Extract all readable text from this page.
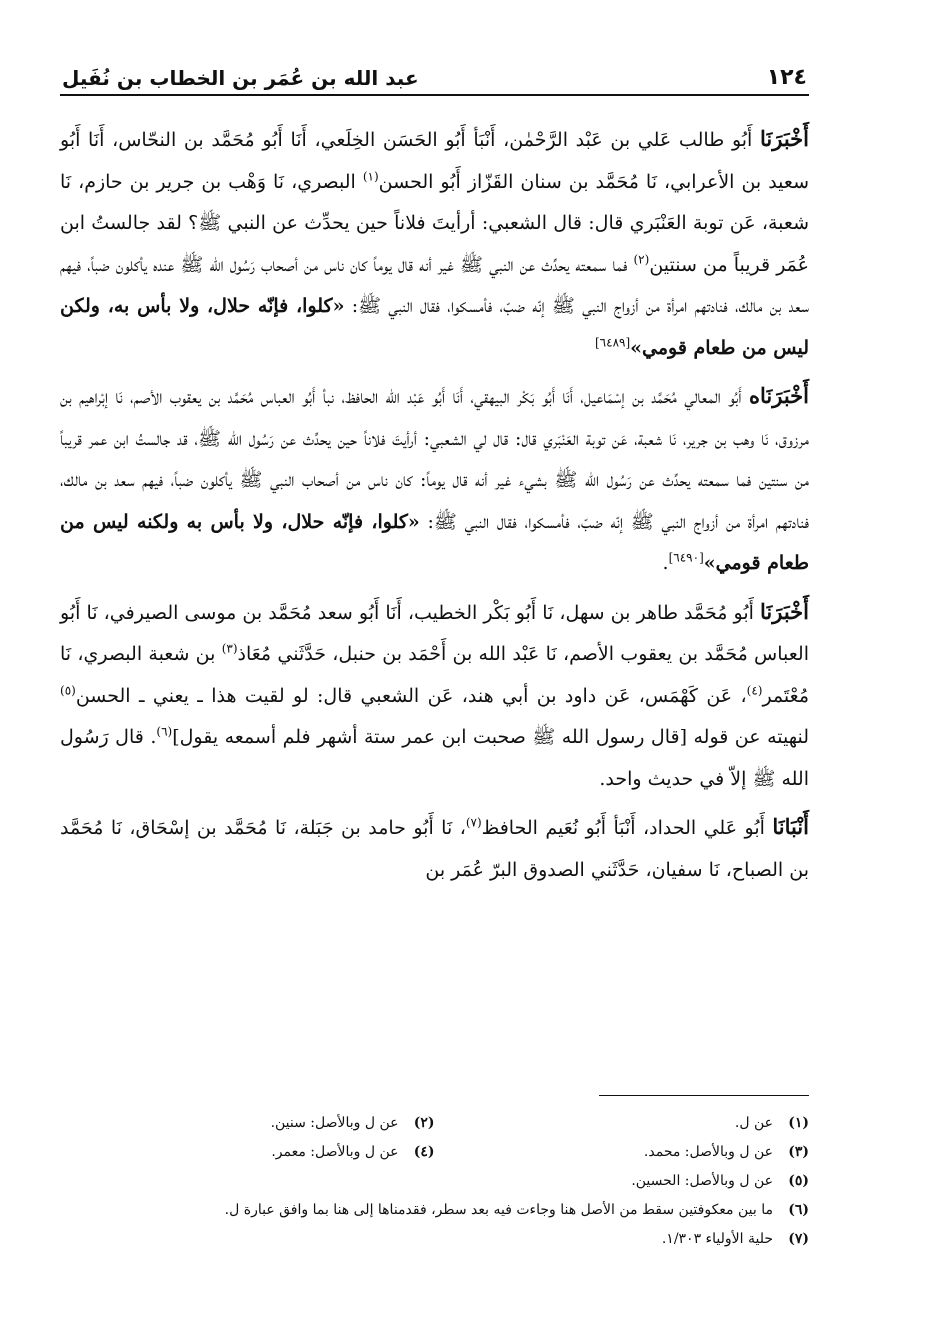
١٢٤
عبد الله بن عُمَر بن الخطاب بن نُفَيل

أَخْبَرَنَا أَبُو طالب عَلي بن عَبْد الرَّحْمٰن، أَنْبَأ أَبُو الحَسَن الخِلَعي، أَنَا أَبُو مُحَمَّد بن النحّاس، أَنَا أَبُو سعيد بن الأعرابي، نَا مُحَمَّد بن سنان القَزّاز أَبُو الحسن$^{(١)}$ البصري، نَا وَهْب بن جرير بن حازم، نَا شعبة، عَن توبة العَنْبَري قال: قال الشعبي: أرأيتَ فلاناً حين يحدِّث عن النبي ﷺ؟ لقد جالستُ ابن عُمَر قريباً من سنتين$^{(٢)}$ فما سمعته يحدِّث عن النبي ﷺ غير أنه قال يوماً كان ناس من أصحاب رَسُول الله ﷺ عنده يأكلون ضباً، فيهم سعد بن مالك، فنادتهم امرأة من أزواج النبي ﷺ إنّه ضبّ، فأمسكوا، فقال النبي ﷺ: «كلوا، فإنّه حلال، ولا بأس به، ولكن ليس من طعام قومي»[٦٤٨٩]

أَخْبَرَنَاه أَبُو المعالي مُحَمَّد بن إسْمَاعيل، أَنَا أَبُو بَكْر البيهقي، أَنَا أَبُو عَبْد الله الحافظ، نبأ أَبُو العباس مُحَمَّد بن يعقوب الأصم، نَا إبْراهيم بن مرزوق، نَا وهب بن جرير، نَا شعبة، عَن توبة العَنْبَري قال: قال لي الشعبي: أرأيتَ فلاناً حين يحدِّث عن رَسُول الله ﷺ، قد جالستُ ابن عمر قريباً من سنتين فما سمعته يحدِّث عن رَسُول الله ﷺ بشيء غير أنه قال يوماً: كان ناس من أصحاب النبي ﷺ يأكلون ضباً، فيهم سعد بن مالك، فنادتهم امرأة من أزواج النبي ﷺ إنّه ضبّ، فأمسكوا، فقال النبي ﷺ: «كلوا، فإنّه حلال، ولا بأس به ولكنه ليس من طعام قومي»[٦٤٩٠].

أَخْبَرَنَا أَبُو مُحَمَّد طاهر بن سهل، نَا أَبُو بَكْر الخطيب، أَنَا أَبُو سعد مُحَمَّد بن موسى الصيرفي، نَا أَبُو العباس مُحَمَّد بن يعقوب الأصم، نَا عَبْد الله بن أَحْمَد بن حنبل، حَدَّثَني مُعَاذ$^{(٣)}$ بن شعبة البصري، نَا مُعْتَمر$^{(٤)}$، عَن كَهْمَس، عَن داود بن أبي هند، عَن الشعبي قال: لو لقيت هذا ـ يعني ـ الحسن$^{(٥)}$ لنهيته عن قوله [قال رسول الله ﷺ صحبت ابن عمر ستة أشهر فلم أسمعه يقول]$^{(٦)}$. قال رَسُول الله ﷺ إلاّ في حديث واحد.

أَنْبَانَا أَبُو عَلي الحداد، أَنْبَأ أَبُو نُعَيم الحافظ$^{(٧)}$، نَا أَبُو حامد بن جَبَلة، نَا مُحَمَّد بن إسْحَاق، نَا مُحَمَّد بن الصباح، نَا سفيان، حَدَّثَني الصدوق البرّ عُمَر بن

(١)
عن ل.
(٢)
عن ل وبالأصل: سنين.
(٣)
عن ل وبالأصل: محمد.
(٤)
عن ل وبالأصل: معمر.
(٥)
عن ل وبالأصل: الحسين.
(٦)
ما بين معكوفتين سقط من الأصل هنا وجاءت فيه بعد سطر، فقدمناها إلى هنا بما وافق عبارة ل.
(٧)
حلية الأولياء ١/٣٠٣.
